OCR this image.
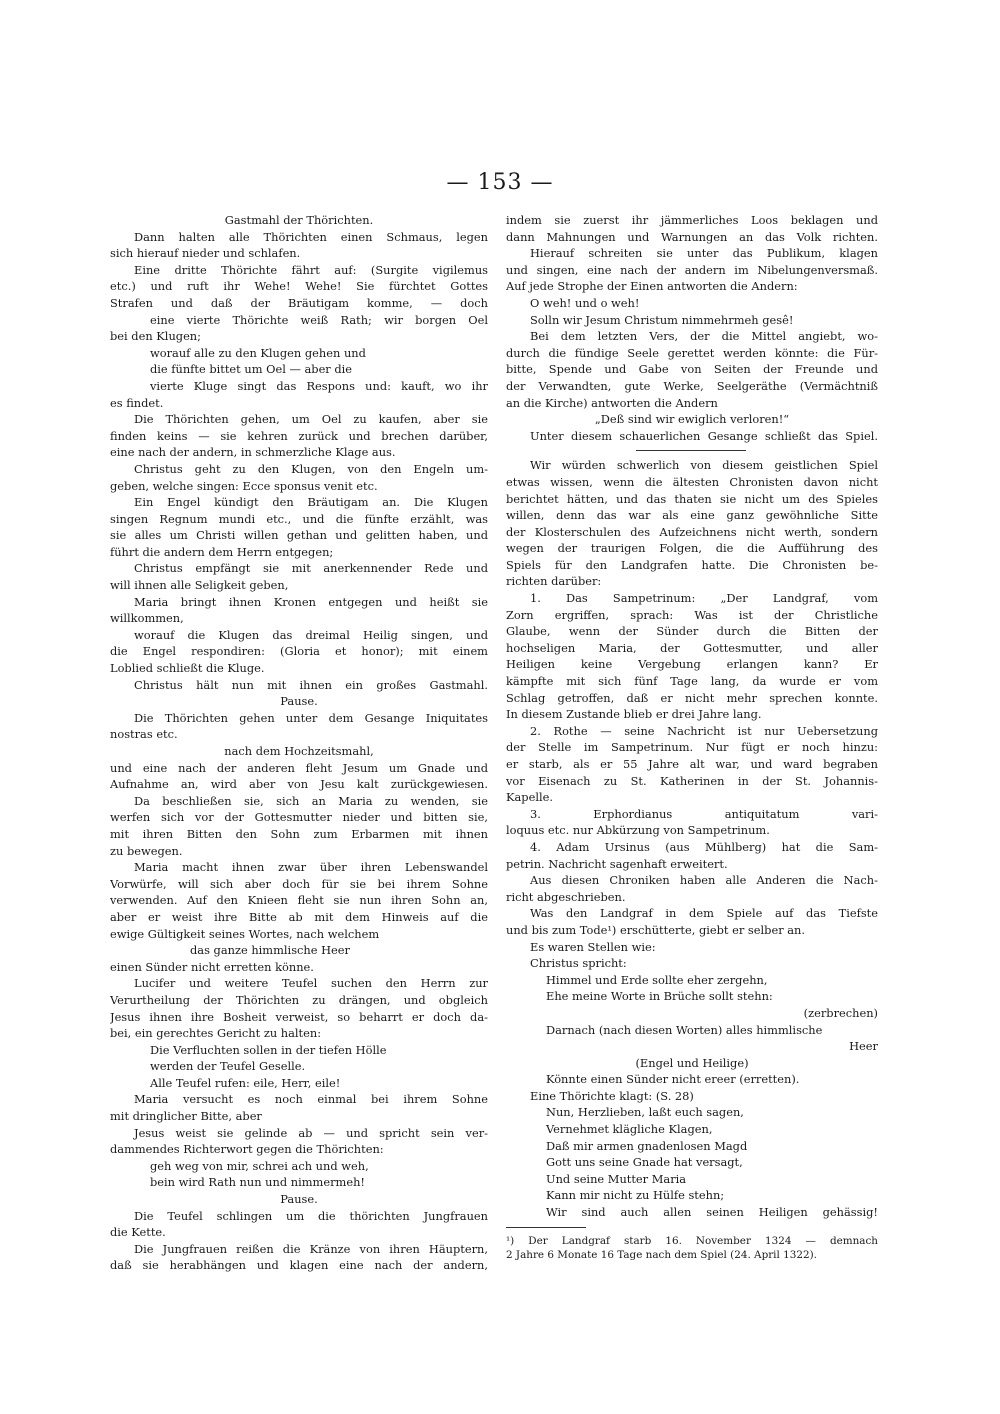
— 153 —
Gastmahl der Thörichten.
Dann halten alle Thörichten einen Schmaus, legen
sich hierauf nieder und schlafen.
Eine dritte Thörichte fährt auf: (Surgite vigilemus
etc.) und ruft ihr Wehe! Wehe! Sie fürchtet Gottes
Strafen und daß der Bräutigam komme, — doch
eine vierte Thörichte weiß Rath; wir borgen Oel
bei den Klugen;
worauf alle zu den Klugen gehen und
die fünfte bittet um Oel — aber die
vierte Kluge singt das Respons und: kauft, wo ihr
es findet.
Die Thörichten gehen, um Oel zu kaufen, aber sie
finden keins — sie kehren zurück und brechen darüber,
eine nach der andern, in schmerzliche Klage aus.
Christus geht zu den Klugen, von den Engeln um-
geben, welche singen: Ecce sponsus venit etc.
Ein Engel kündigt den Bräutigam an. Die Klugen
singen Regnum mundi etc., und die fünfte erzählt, was
sie alles um Christi willen gethan und gelitten haben, und
führt die andern dem Herrn entgegen;
Christus empfängt sie mit anerkennender Rede und
will ihnen alle Seligkeit geben,
Maria bringt ihnen Kronen entgegen und heißt sie
willkommen,
worauf die Klugen das dreimal Heilig singen, und
die Engel respondiren: (Gloria et honor); mit einem
Loblied schließt die Kluge.
Christus hält nun mit ihnen ein großes Gastmahl.
Pause.
Die Thörichten gehen unter dem Gesange Iniquitates
nostras etc.
nach dem Hochzeitsmahl,
und eine nach der anderen fleht Jesum um Gnade und
Aufnahme an, wird aber von Jesu kalt zurückgewiesen.
Da beschließen sie, sich an Maria zu wenden, sie
werfen sich vor der Gottesmutter nieder und bitten sie,
mit ihren Bitten den Sohn zum Erbarmen mit ihnen
zu bewegen.
Maria macht ihnen zwar über ihren Lebenswandel
Vorwürfe, will sich aber doch für sie bei ihrem Sohne
verwenden. Auf den Knieen fleht sie nun ihren Sohn an,
aber er weist ihre Bitte ab mit dem Hinweis auf die
ewige Gültigkeit seines Wortes, nach welchem
das ganze himmlische Heer
einen Sünder nicht erretten könne.
Lucifer und weitere Teufel suchen den Herrn zur
Verurtheilung der Thörichten zu drängen, und obgleich
Jesus ihnen ihre Bosheit verweist, so beharrt er doch da-
bei, ein gerechtes Gericht zu halten:
Die Verfluchten sollen in der tiefen Hölle
werden der Teufel Geselle.
Alle Teufel rufen: eile, Herr, eile!
Maria versucht es noch einmal bei ihrem Sohne
mit dringlicher Bitte, aber
Jesus weist sie gelinde ab — und spricht sein ver-
dammendes Richterwort gegen die Thörichten:
geh weg von mir, schrei ach und weh,
bein wird Rath nun und nimmermeh!
Pause.
Die Teufel schlingen um die thörichten Jungfrauen
die Kette.
Die Jungfrauen reißen die Kränze von ihren Häuptern,
daß sie herabhängen und klagen eine nach der andern,
indem sie zuerst ihr jämmerliches Loos beklagen und
dann Mahnungen und Warnungen an das Volk richten.
Hierauf schreiten sie unter das Publikum, klagen
und singen, eine nach der andern im Nibelungenversmaß.
Auf jede Strophe der Einen antworten die Andern:
O weh! und o weh!
Solln wir Jesum Christum nimmehrmeh gesê!
Bei dem letzten Vers, der die Mittel angiebt, wo-
durch die fündige Seele gerettet werden könnte: die Für-
bitte, Spende und Gabe von Seiten der Freunde und
der Verwandten, gute Werke, Seelgeräthe (Vermächtniß
an die Kirche) antworten die Andern
„Deß sind wir ewiglich verloren!“
Unter diesem schauerlichen Gesange schließt das Spiel.
Wir würden schwerlich von diesem geistlichen Spiel
etwas wissen, wenn die ältesten Chronisten davon nicht
berichtet hätten, und das thaten sie nicht um des Spieles
willen, denn das war als eine ganz gewöhnliche Sitte
der Klosterschulen des Aufzeichnens nicht werth, sondern
wegen der traurigen Folgen, die die Aufführung des
Spiels für den Landgrafen hatte. Die Chronisten be-
richten darüber:
1. Das Sampetrinum: „Der Landgraf, vom
Zorn ergriffen, sprach: Was ist der Christliche
Glaube, wenn der Sünder durch die Bitten der
hochseligen Maria, der Gottesmutter, und aller
Heiligen keine Vergebung erlangen kann? Er
kämpfte mit sich fünf Tage lang, da wurde er vom
Schlag getroffen, daß er nicht mehr sprechen konnte.
In diesem Zustande blieb er drei Jahre lang.
2. Rothe — seine Nachricht ist nur Uebersetzung
der Stelle im Sampetrinum. Nur fügt er noch hinzu:
er starb, als er 55 Jahre alt war, und ward begraben
vor Eisenach zu St. Katherinen in der St. Johannis-
Kapelle.
3. Erphordianus antiquitatum vari-
loquus etc. nur Abkürzung von Sampetrinum.
4. Adam Ursinus (aus Mühlberg) hat die Sam-
petrin. Nachricht sagenhaft erweitert.
Aus diesen Chroniken haben alle Anderen die Nach-
richt abgeschrieben.
Was den Landgraf in dem Spiele auf das Tiefste
und bis zum Tode¹) erschütterte, giebt er selber an.
Es waren Stellen wie:
Christus spricht:
Himmel und Erde sollte eher zergehn,
Ehe meine Worte in Brüche sollt stehn:
(zerbrechen)
Darnach (nach diesen Worten) alles himmlische
Heer
(Engel und Heilige)
Könnte einen Sünder nicht ereer (erretten).
Eine Thörichte klagt: (S. 28)
Nun, Herzlieben, laßt euch sagen,
Vernehmet klägliche Klagen,
Daß mir armen gnadenlosen Magd
Gott uns seine Gnade hat versagt,
Und seine Mutter Maria
Kann mir nicht zu Hülfe stehn;
Wir sind auch allen seinen Heiligen gehässig!
¹) Der Landgraf starb 16. November 1324 — demnach
2 Jahre 6 Monate 16 Tage nach dem Spiel (24. April 1322).
